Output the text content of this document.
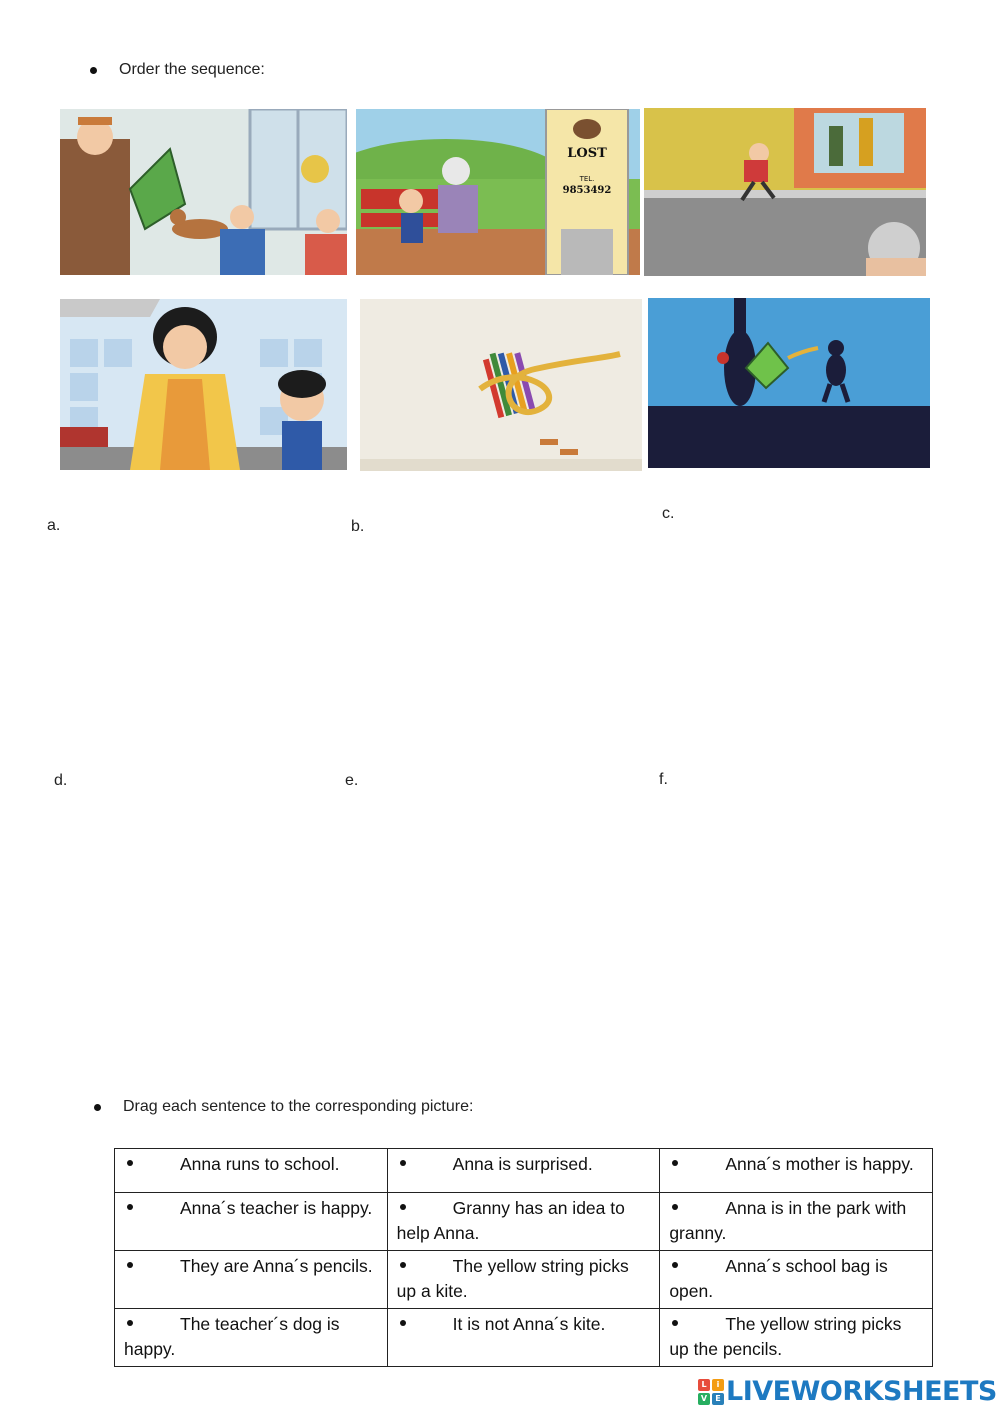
Order the sequence:
LOST
TEL.
9853492
a.	b.
c.
d.	e.	f.
Drag each sentence to the corresponding picture:
Anna runs to school.	Anna is surprised.	Anna´s mother is happy.
Anna´s teacher is happy.	Granny has an idea to help Anna.	Anna is in the park with granny.
They are Anna´s pencils.	The yellow string picks up a kite.	Anna´s school bag is open.
The teacher´s dog is happy.	It is not Anna´s kite.	The yellow string picks up the pencils.
L	i
V	E LIVEWORKSHEETS
